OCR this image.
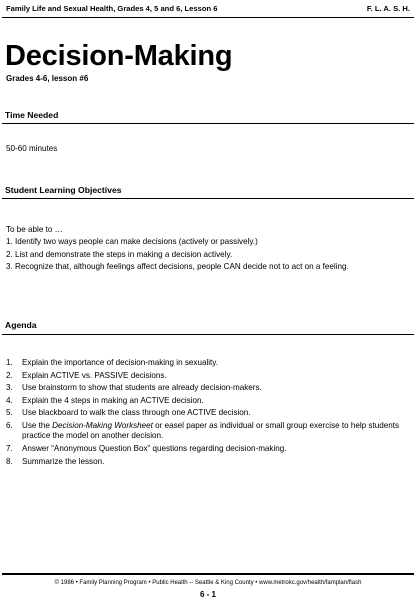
Family Life and Sexual Health, Grades 4, 5 and 6, Lesson 6	F. L. A. S. H.
Decision-Making
Grades 4-6, lesson #6
Time Needed
50-60 minutes
Student Learning Objectives
To be able to …
1. Identify two ways people can make decisions (actively or passively.)
2. List and demonstrate the steps in making a decision actively.
3. Recognize that, although feelings affect decisions, people CAN decide not to act on a feeling.
Agenda
1. Explain the importance of decision-making in sexuality.
2. Explain ACTIVE vs. PASSIVE decisions.
3. Use brainstorm to show that students are already decision-makers.
4. Explain the 4 steps in making an ACTIVE decision.
5. Use blackboard to walk the class through one ACTIVE decision.
6. Use the Decision-Making Worksheet or easel paper as individual or small group exercise to help students practice the model on another decision.
7. Answer “Anonymous Question Box” questions regarding decision-making.
8. Summarize the lesson.
© 1986 • Family Planning Program • Public Health -- Seattle & King County • www.metrokc.gov/health/famplan/flash
6 - 1
